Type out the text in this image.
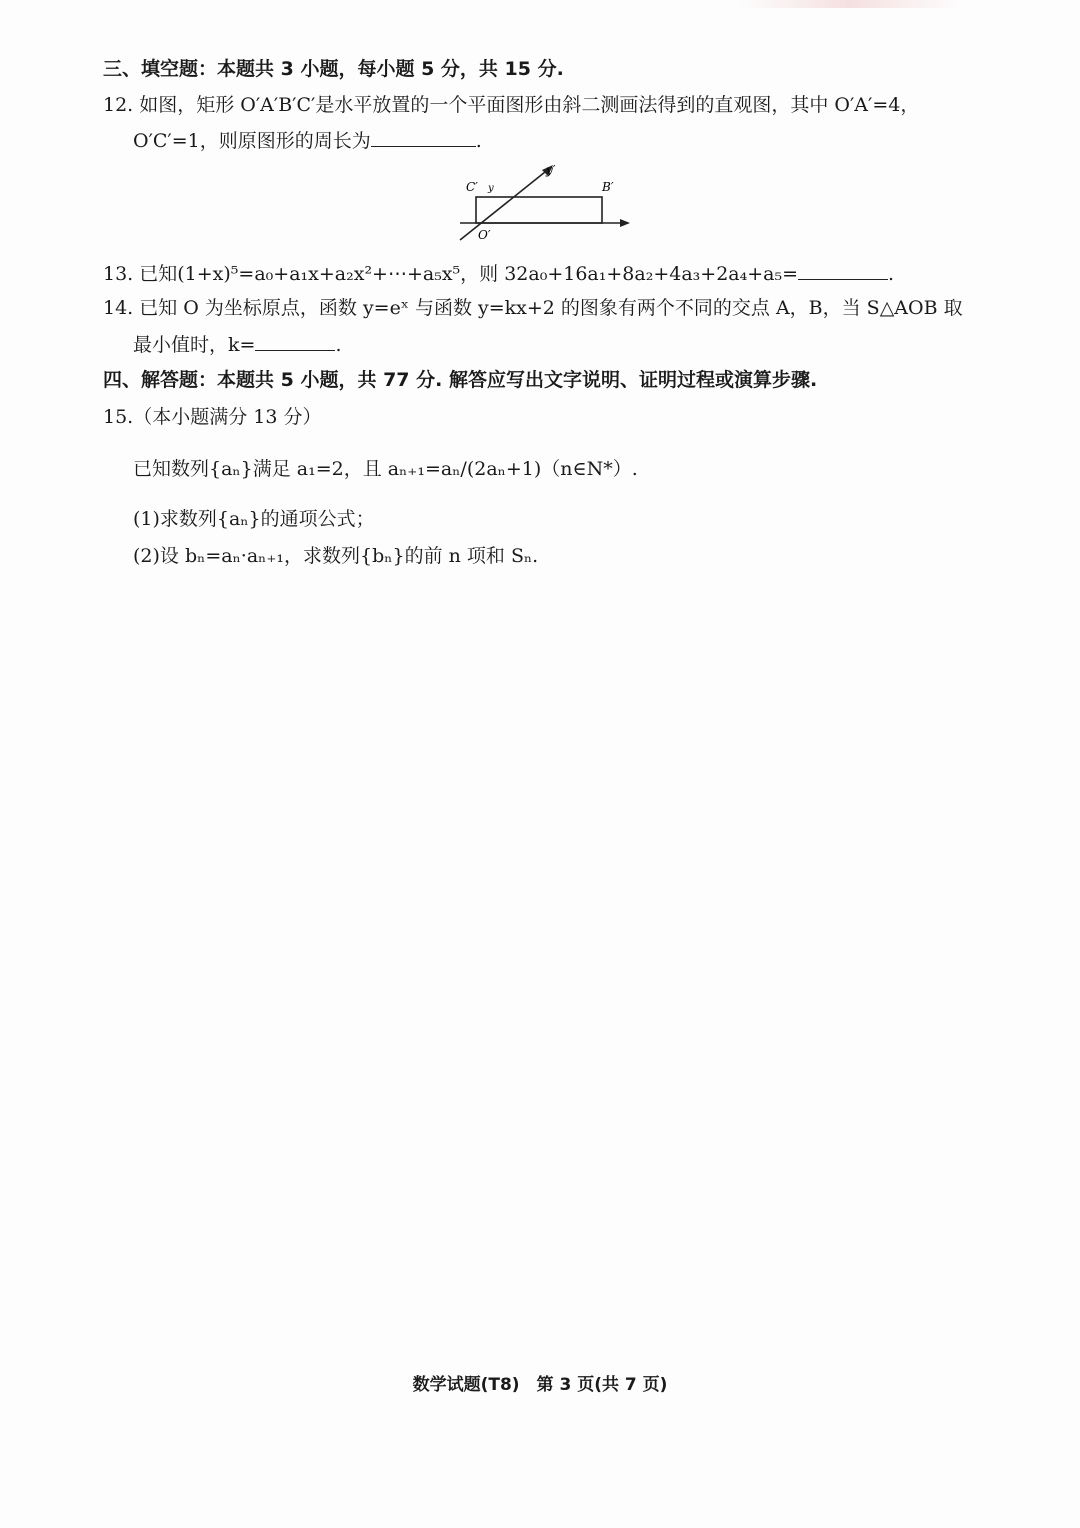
三、填空题：本题共 3 小题，每小题 5 分，共 15 分.
12. 如图，矩形 O′A′B′C′是水平放置的一个平面图形由斜二测画法得到的直观图，其中 O′A′=4，
O′C′=1，则原图形的周长为	.
C′ y
y′
B′
O′
13. 已知(1+x)⁵=a₀+a₁x+a₂x²+⋯+a₅x⁵，则 32a₀+16a₁+8a₂+4a₃+2a₄+a₅=	.
14. 已知 O 为坐标原点，函数 y=eˣ 与函数 y=kx+2 的图象有两个不同的交点 A，B，当 S△AOB 取
最小值时，k=	.
四、解答题：本题共 5 小题，共 77 分. 解答应写出文字说明、证明过程或演算步骤.
15.（本小题满分 13 分）
已知数列{aₙ}满足 a₁=2，且 aₙ₊₁=aₙ/(2aₙ+1)（n∈N*）.
(1)求数列{aₙ}的通项公式；
(2)设 bₙ=aₙ·aₙ₊₁，求数列{bₙ}的前 n 项和 Sₙ.
数学试题(T8)　第 3 页(共 7 页)
